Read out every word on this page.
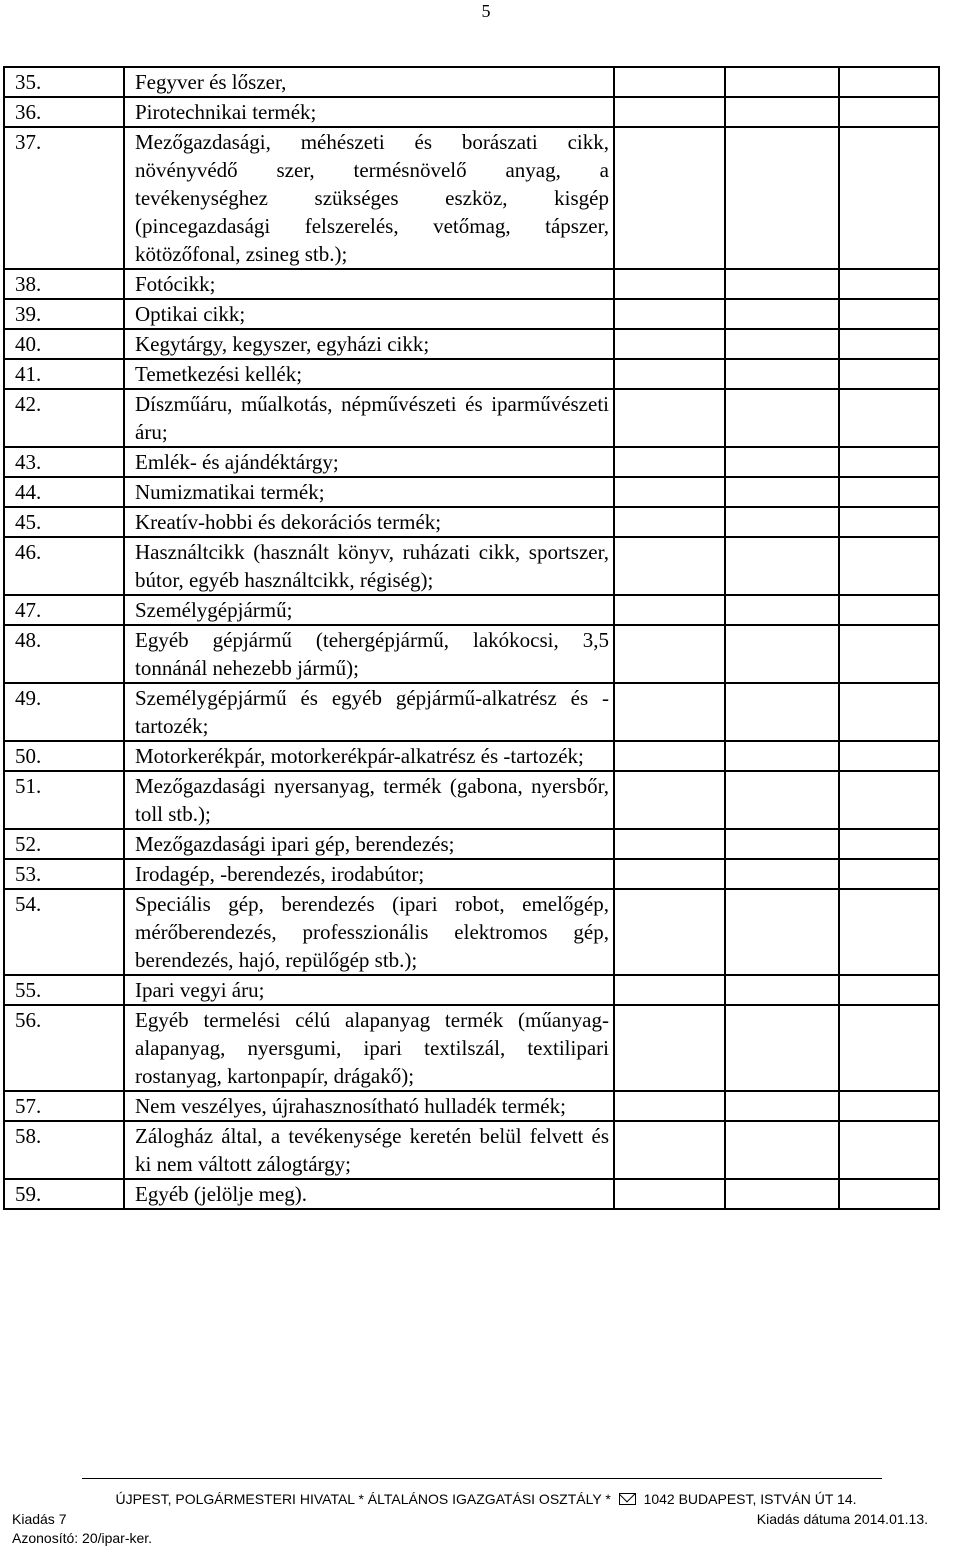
5
35.	Fegyver és lőszer,			
36.	Pirotechnikai termék;			
37.	Mezőgazdasági, méhészeti és borászati cikk, növényvédő szer, termésnövelő anyag, a tevékenységhez szükséges eszköz, kisgép (pincegazdasági felszerelés, vetőmag, tápszer, kötözőfonal, zsineg stb.);			
38.	Fotócikk;			
39.	Optikai cikk;			
40.	Kegytárgy, kegyszer, egyházi cikk;			
41.	Temetkezési kellék;			
42.	Díszműáru, műalkotás, népművészeti és iparművészeti áru;			
43.	Emlék- és ajándéktárgy;			
44.	Numizmatikai termék;			
45.	Kreatív-hobbi és dekorációs termék;			
46.	Használtcikk (használt könyv, ruházati cikk, sportszer, bútor, egyéb használtcikk, régiség);			
47.	Személygépjármű;			
48.	Egyéb gépjármű (tehergépjármű, lakókocsi, 3,5 tonnánál nehezebb jármű);			
49.	Személygépjármű és egyéb gépjármű-alkatrész és -tartozék;			
50.	Motorkerékpár, motorkerékpár-alkatrész és -tartozék;			
51.	Mezőgazdasági nyersanyag, termék (gabona, nyersbőr, toll stb.);			
52.	Mezőgazdasági ipari gép, berendezés;			
53.	Irodagép, -berendezés, irodabútor;			
54.	Speciális gép, berendezés (ipari robot, emelőgép, mérőberendezés, professzionális elektromos gép, berendezés, hajó, repülőgép stb.);			
55.	Ipari vegyi áru;			
56.	Egyéb termelési célú alapanyag termék (műanyag-alapanyag, nyersgumi, ipari textilszál, textilipari rostanyag, kartonpapír, drágakő);			
57.	Nem veszélyes, újrahasznosítható hulladék termék;			
58.	Zálogház által, a tevékenysége keretén belül felvett és ki nem váltott zálogtárgy;			
59.	Egyéb (jelölje meg).			
ÚJPEST, POLGÁRMESTERI HIVATAL * ÁLTALÁNOS IGAZGATÁSI OSZTÁLY * 1042 BUDAPEST, ISTVÁN ÚT 14.
Kiadás 7	Kiadás dátuma 2014.01.13.
Azonosító: 20/ipar-ker.
